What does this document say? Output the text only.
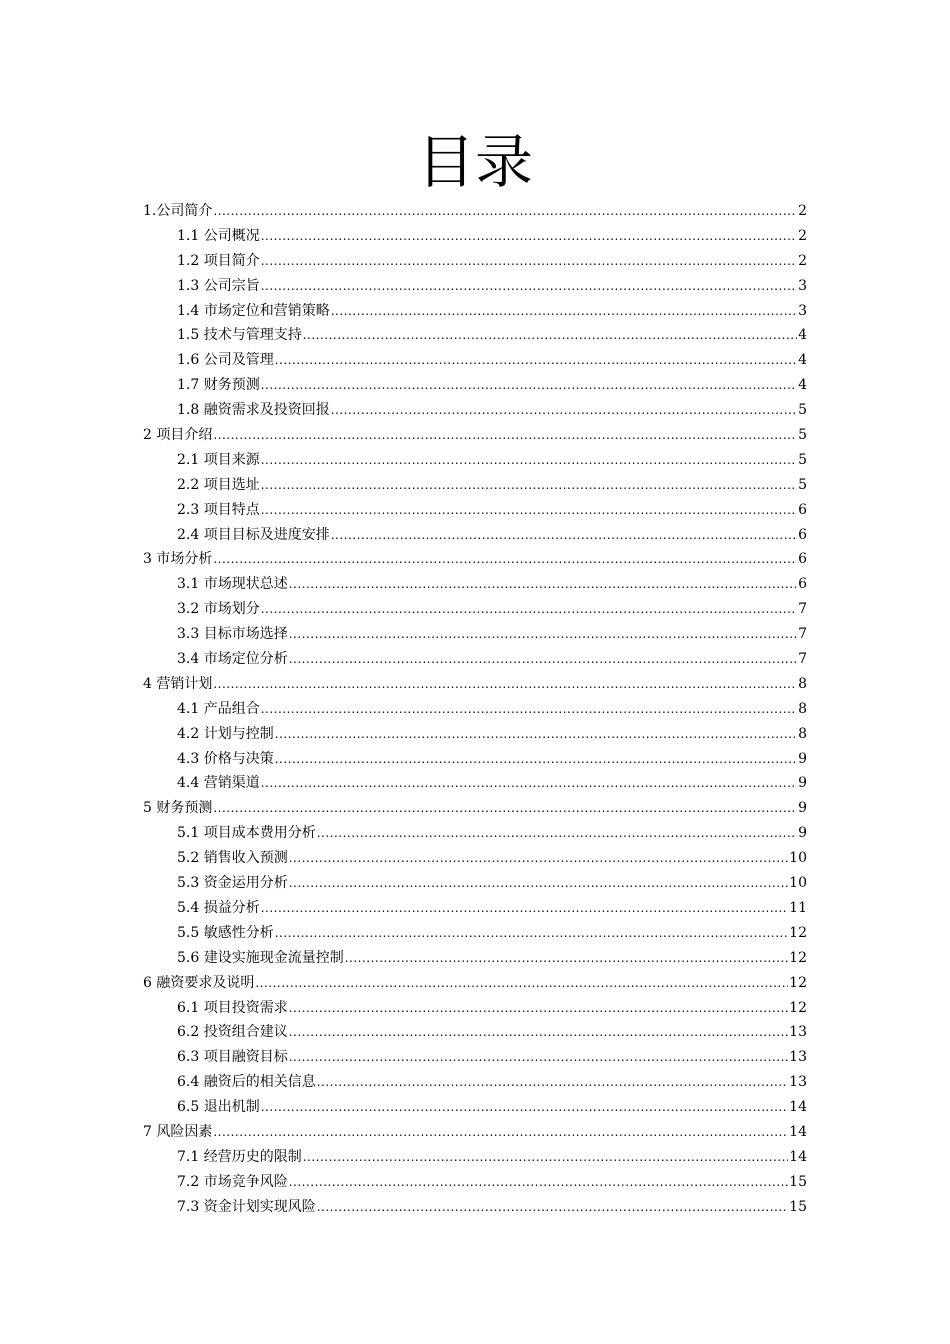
目录
1.公司简介 .....	2
1.1 公司概况 .....	2
1.2 项目简介 .....	2
1.3 公司宗旨 .....	3
1.4 市场定位和营销策略 .....	3
1.5 技术与管理支持 .....	4
1.6 公司及管理 .....	4
1.7 财务预测 .....	4
1.8 融资需求及投资回报 .....	5
2 项目介绍 .....	5
2.1 项目来源 .....	5
2.2 项目选址 .....	5
2.3 项目特点 .....	6
2.4 项目目标及进度安排 .....	6
3 市场分析 .....	6
3.1 市场现状总述 .....	6
3.2 市场划分 .....	7
3.3 目标市场选择 .....	7
3.4 市场定位分析 .....	7
4 营销计划 .....	8
4.1 产品组合 .....	8
4.2 计划与控制 .....	8
4.3 价格与决策 .....	9
4.4 营销渠道 .....	9
5 财务预测 .....	9
5.1 项目成本费用分析 .....	9
5.2 销售收入预测 .....	10
5.3 资金运用分析 .....	10
5.4 损益分析 .....	11
5.5 敏感性分析 .....	12
5.6 建设实施现金流量控制 .....	12
6 融资要求及说明 .....	12
6.1 项目投资需求 .....	12
6.2 投资组合建议 .....	13
6.3 项目融资目标 .....	13
6.4 融资后的相关信息 .....	13
6.5 退出机制 .....	14
7 风险因素 .....	14
7.1 经营历史的限制 .....	14
7.2 市场竞争风险 .....	15
7.3 资金计划实现风险 .....	15
